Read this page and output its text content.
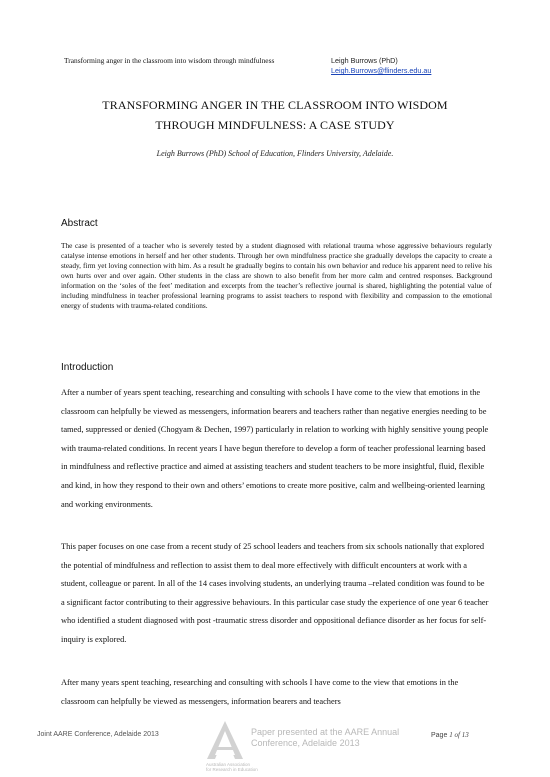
Transforming anger in the classroom into wisdom through mindfulness	Leigh Burrows (PhD)
Leigh.Burrows@flinders.edu.au
TRANSFORMING ANGER IN THE CLASSROOM INTO WISDOM
THROUGH MINDFULNESS: A CASE STUDY
Leigh Burrows (PhD) School of Education, Flinders University, Adelaide.
Abstract
The case is presented of a teacher who is severely tested by a student diagnosed with relational trauma whose aggressive behaviours regularly catalyse intense emotions in herself and her other students. Through her own mindfulness practice she gradually develops the capacity to create a steady, firm yet loving connection with him. As a result he gradually begins to contain his own behavior and reduce his apparent need to relive his own hurts over and over again. Other students in the class are shown to also benefit from her more calm and centred responses. Background information on the ‘soles of the feet’ meditation and excerpts from the teacher’s reflective journal is shared, highlighting the potential value of including mindfulness in teacher professional learning programs to assist teachers to respond with flexibility and compassion to the emotional energy of students with trauma-related conditions.
Introduction
After a number of years spent teaching, researching and consulting with schools I have come to the view that emotions in the classroom can helpfully be viewed as messengers, information bearers and teachers rather than negative energies needing to be tamed, suppressed or denied (Chogyam & Dechen, 1997) particularly in relation to working with highly sensitive young people with trauma-related conditions. In recent years I have begun therefore to develop a form of teacher professional learning based in mindfulness and reflective practice and aimed at assisting teachers and student teachers to be more insightful, fluid, flexible and kind, in how they respond to their own and others’ emotions to create more positive, calm and wellbeing-oriented learning and working environments.
This paper focuses on one case from a recent study of 25 school leaders and teachers from six schools nationally that explored the potential of mindfulness and reflection to assist them to deal more effectively with difficult encounters at work with a student, colleague or parent. In all of the 14 cases involving students, an underlying trauma –related condition was found to be a significant factor contributing to their aggressive behaviours. In this particular case study the experience of one year 6 teacher who identified a student diagnosed with post -traumatic stress disorder and oppositional defiance disorder as her focus for self-inquiry is explored.
After many years spent teaching, researching and consulting with schools I have come to the view that emotions in the classroom can helpfully be viewed as messengers, information bearers and teachers
Joint AARE Conference, Adelaide 2013	Page 1 of 13
Paper presented at the AARE Annual
Conference, Adelaide 2013
Australian Association
for Research in Education
